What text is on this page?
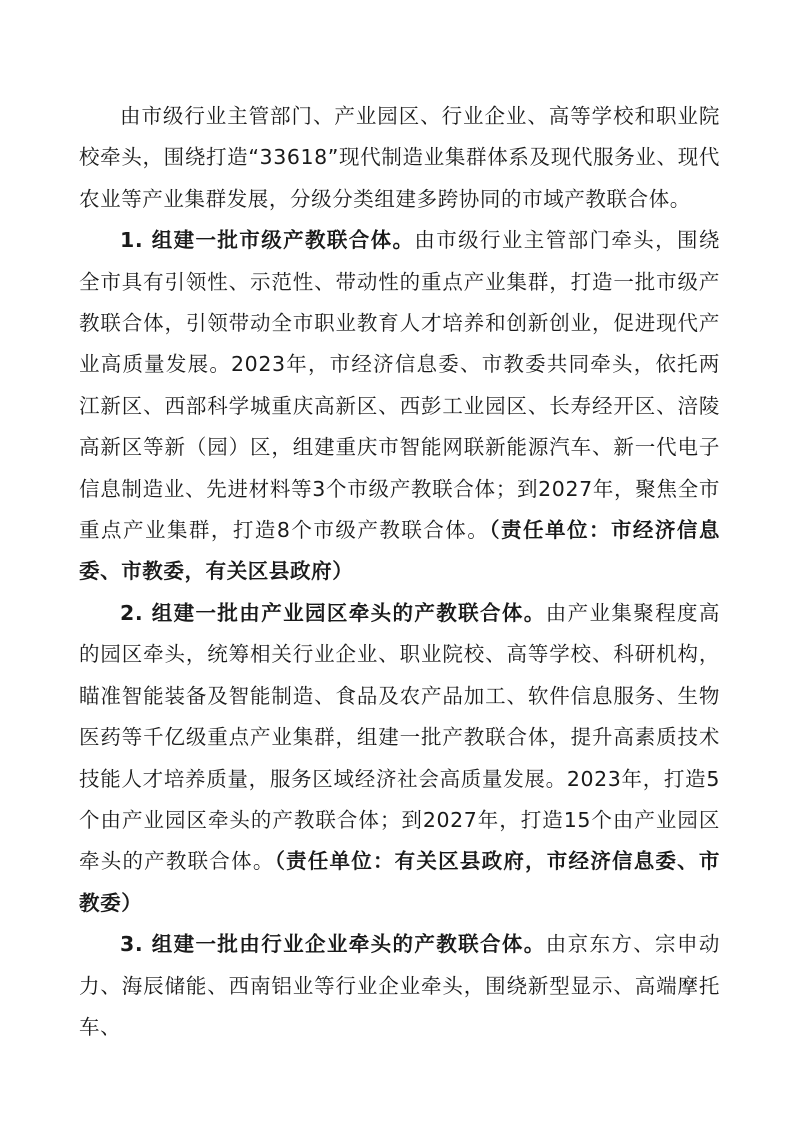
由市级行业主管部门、产业园区、行业企业、高等学校和职业院校牵头，围绕打造“33618”现代制造业集群体系及现代服务业、现代农业等产业集群发展，分级分类组建多跨协同的市域产教联合体。

1. 组建一批市级产教联合体。由市级行业主管部门牵头，围绕全市具有引领性、示范性、带动性的重点产业集群，打造一批市级产教联合体，引领带动全市职业教育人才培养和创新创业，促进现代产业高质量发展。2023年，市经济信息委、市教委共同牵头，依托两江新区、西部科学城重庆高新区、西彭工业园区、长寿经开区、涪陵高新区等新（园）区，组建重庆市智能网联新能源汽车、新一代电子信息制造业、先进材料等3个市级产教联合体；到2027年，聚焦全市重点产业集群，打造8个市级产教联合体。（责任单位：市经济信息委、市教委，有关区县政府）

2. 组建一批由产业园区牵头的产教联合体。由产业集聚程度高的园区牵头，统筹相关行业企业、职业院校、高等学校、科研机构，瞄准智能装备及智能制造、食品及农产品加工、软件信息服务、生物医药等千亿级重点产业集群，组建一批产教联合体，提升高素质技术技能人才培养质量，服务区域经济社会高质量发展。2023年，打造5个由产业园区牵头的产教联合体；到2027年，打造15个由产业园区牵头的产教联合体。（责任单位：有关区县政府，市经济信息委、市教委）

3. 组建一批由行业企业牵头的产教联合体。由京东方、宗申动力、海辰储能、西南铝业等行业企业牵头，围绕新型显示、高端摩托车、
